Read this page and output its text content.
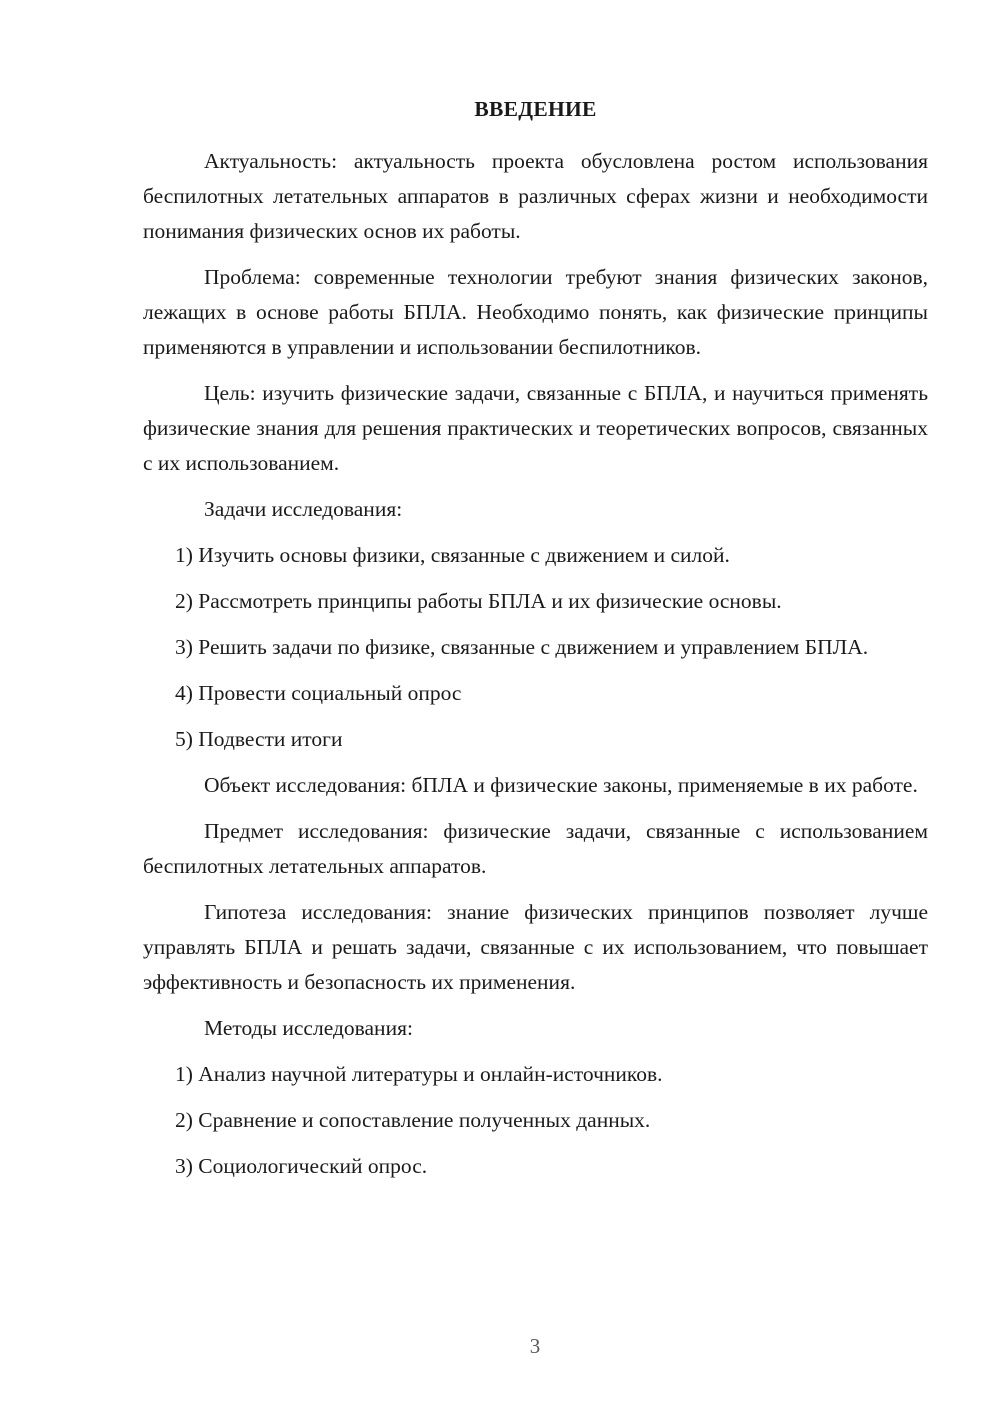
ВВЕДЕНИЕ

Актуальность: актуальность проекта обусловлена ростом использования беспилотных летательных аппаратов в различных сферах жизни и необходимости понимания физических основ их работы.

Проблема: современные технологии требуют знания физических законов, лежащих в основе работы БПЛА. Необходимо понять, как физические принципы применяются в управлении и использовании беспилотников.

Цель: изучить физические задачи, связанные с БПЛА, и научиться применять физические знания для решения практических и теоретических вопросов, связанных с их использованием.

Задачи исследования:

1) Изучить основы физики, связанные с движением и силой.

2) Рассмотреть принципы работы БПЛА и их физические основы.

3) Решить задачи по физике, связанные с движением и управлением БПЛА.

4) Провести социальный опрос

5) Подвести итоги

Объект исследования: бПЛА и физические законы, применяемые в их работе.

Предмет исследования: физические задачи, связанные с использованием беспилотных летательных аппаратов.

Гипотеза исследования: знание физических принципов позволяет лучше управлять БПЛА и решать задачи, связанные с их использованием, что повышает эффективность и безопасность их применения.

Методы исследования:

1) Анализ научной литературы и онлайн-источников.

2) Сравнение и сопоставление полученных данных.

3) Социологический опрос.

3
